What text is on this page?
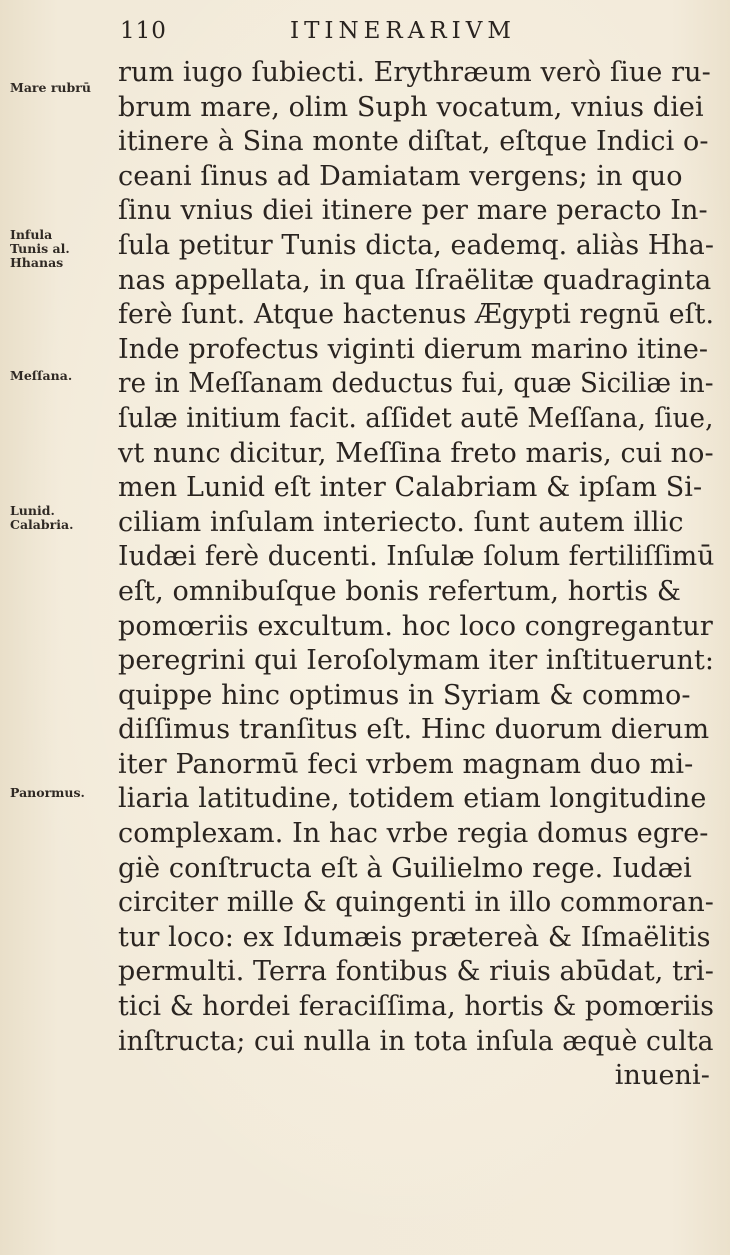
110	ITINERARIVM
Mare rubrū
Infula Tunis al. Hhanas
Meſſana.
Lunid. Calabria.
Panormus.
rum iugo ſubiecti. Erythræum verò ſiue ru-
brum mare, olim Suph vocatum, vnius diei
itinere à Sina monte diſtat, eſtque Indici o-
ceani ſinus ad Damiatam vergens; in quo
ſinu vnius diei itinere per mare peracto In-
ſula petitur Tunis dicta, eademq. aliàs Hha-
nas appellata, in qua Iſraëlitæ quadraginta
ferè ſunt. Atque hactenus Ægypti regnū eſt.
Inde profectus viginti dierum marino itine-
re in Meſſanam deductus fui, quæ Siciliæ in-
ſulæ initium facit. aſſidet autē Meſſana, ſiue,
vt nunc dicitur, Meſſina freto maris, cui no-
men Lunid eſt inter Calabriam & ipſam Si-
ciliam inſulam interiecto. ſunt autem illic
Iudæi ferè ducenti. Inſulæ ſolum fertiliſſimū
eſt, omnibuſque bonis refertum, hortis &
pomœriis excultum. hoc loco congregantur
peregrini qui Ieroſolymam iter inſtituerunt:
quippe hinc optimus in Syriam & commo-
diſſimus tranſitus eſt. Hinc duorum dierum
iter Panormū feci vrbem magnam duo mi-
liaria latitudine, totidem etiam longitudine
complexam. In hac vrbe regia domus egre-
giè conſtructa eſt à Guilielmo rege. Iudæi
circiter mille & quingenti in illo commoran-
tur loco: ex Idumæis prætereà & Iſmaëlitis
permulti. Terra fontibus & riuis abūdat, tri-
tici & hordei feraciſſima, hortis & pomœriis
inſtructa; cui nulla in tota inſula æquè culta
inueni-
